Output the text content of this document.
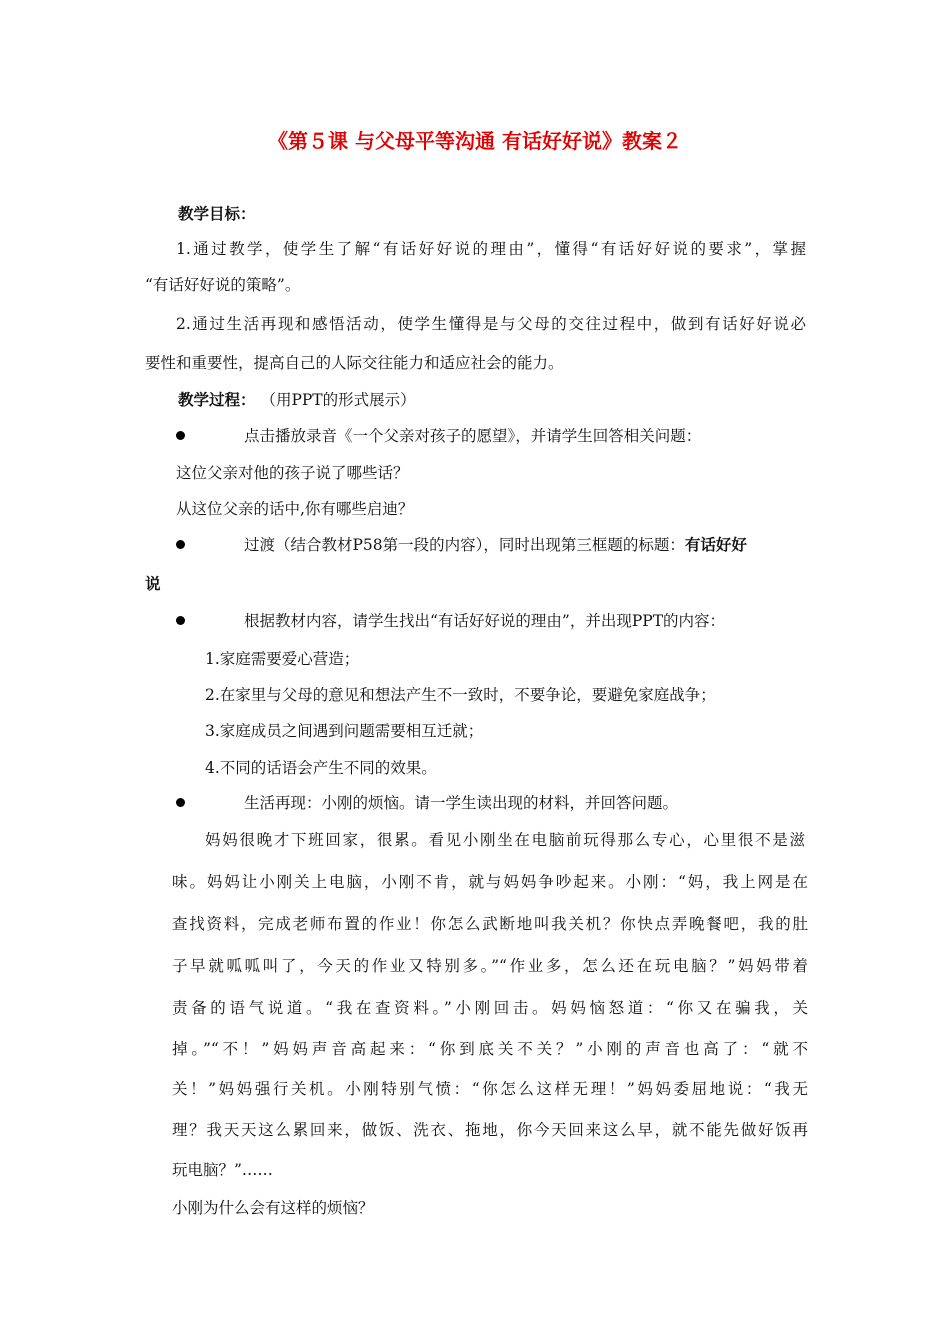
《第５课 与父母平等沟通 有话好好说》教案２
教学目标：
1.通过教学，使学生了解“有话好好说的理由”，懂得“有话好好说的要求”，掌握
“有话好好说的策略”。
2.通过生活再现和感悟活动，使学生懂得是与父母的交往过程中，做到有话好好说必
要性和重要性，提高自己的人际交往能力和适应社会的能力。
教学过程： （用PPT的形式展示）
点击播放录音《一个父亲对孩子的愿望》，并请学生回答相关问题：
这位父亲对他的孩子说了哪些话？
从这位父亲的话中,你有哪些启迪？
过渡（结合教材P58第一段的内容），同时出现第三框题的标题：有话好好
说
根据教材内容，请学生找出“有话好好说的理由”，并出现PPT的内容：
1.家庭需要爱心营造；
2.在家里与父母的意见和想法产生不一致时，不要争论，要避免家庭战争；
3.家庭成员之间遇到问题需要相互迁就；
4.不同的话语会产生不同的效果。
生活再现：小刚的烦恼。请一学生读出现的材料，并回答问题。
妈妈很晚才下班回家，很累。看见小刚坐在电脑前玩得那么专心，心里很不是滋
味。妈妈让小刚关上电脑，小刚不肯，就与妈妈争吵起来。小刚：“妈，我上网是在
查找资料，完成老师布置的作业！你怎么武断地叫我关机？你快点弄晚餐吧，我的肚
子早就呱呱叫了，今天的作业又特别多。”“作业多，怎么还在玩电脑？”妈妈带着
责备的语气说道。“我在查资料。”小刚回击。妈妈恼怒道：“你又在骗我，关
掉。”“不！”妈妈声音高起来：“你到底关不关？”小刚的声音也高了：“就不
关！”妈妈强行关机。小刚特别气愤：“你怎么这样无理！”妈妈委屈地说：“我无
理？我天天这么累回来，做饭、洗衣、拖地，你今天回来这么早，就不能先做好饭再
玩电脑？”……
小刚为什么会有这样的烦恼？
